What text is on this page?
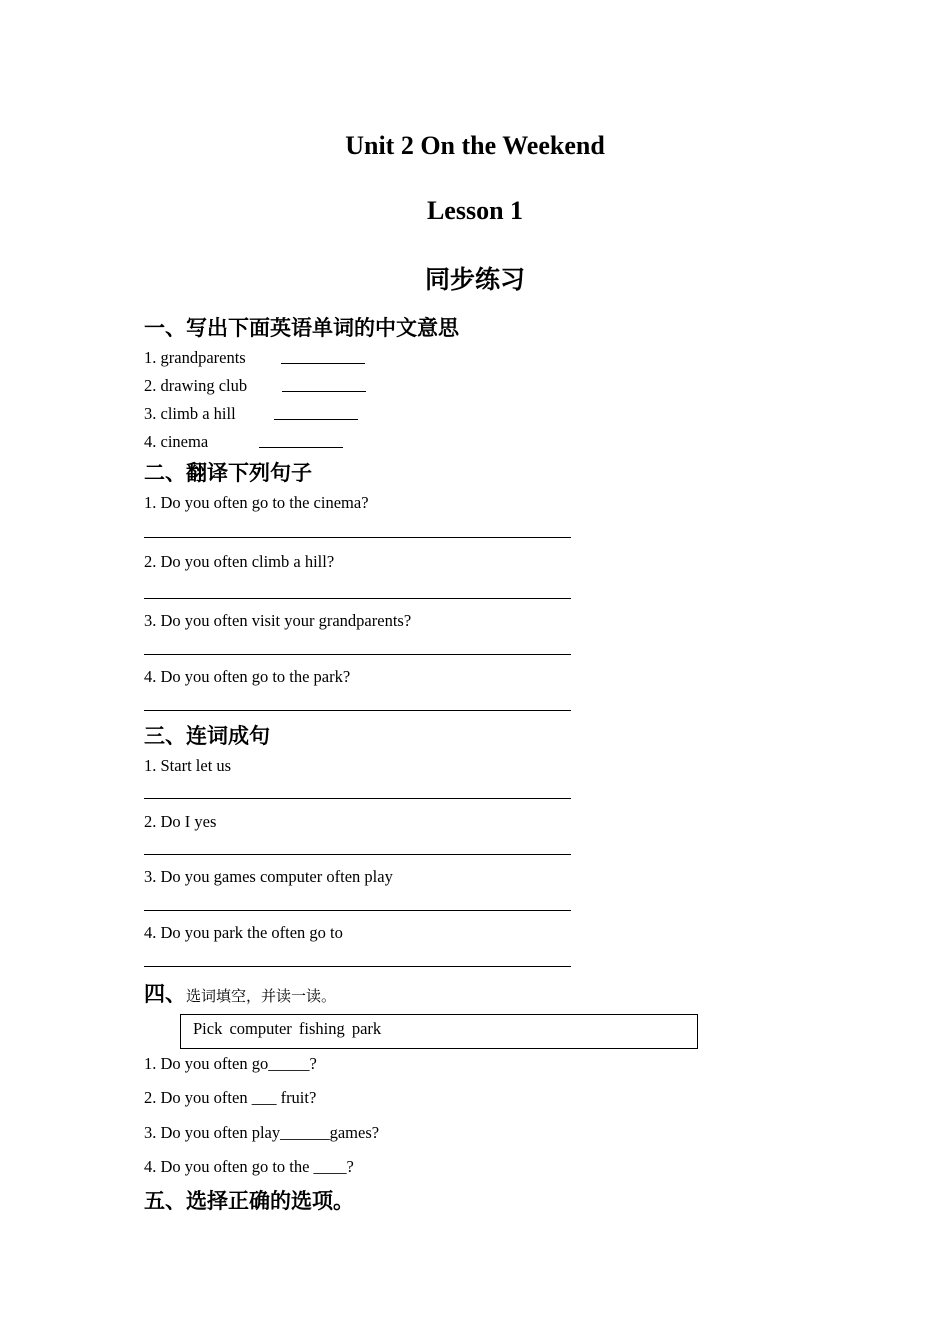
Unit 2 On the Weekend
Lesson 1
同步练习
一、写出下面英语单词的中文意思
1. grandparents
2. drawing club
3. climb a hill
4. cinema
二、翻译下列句子
1. Do you often go to the cinema?
2. Do you often climb a hill?
3. Do you often visit your grandparents?
4. Do you often go to the park?
三、连词成句
1. Start let us
2. Do I yes
3. Do you games computer often play
4. Do you park the often go to
四、选词填空，并读一读。
Pick computer fishing park
1. Do you often go_____?
2. Do you often ___ fruit?
3. Do you often play______games?
4. Do you often go to the ____?
五、选择正确的选项。
